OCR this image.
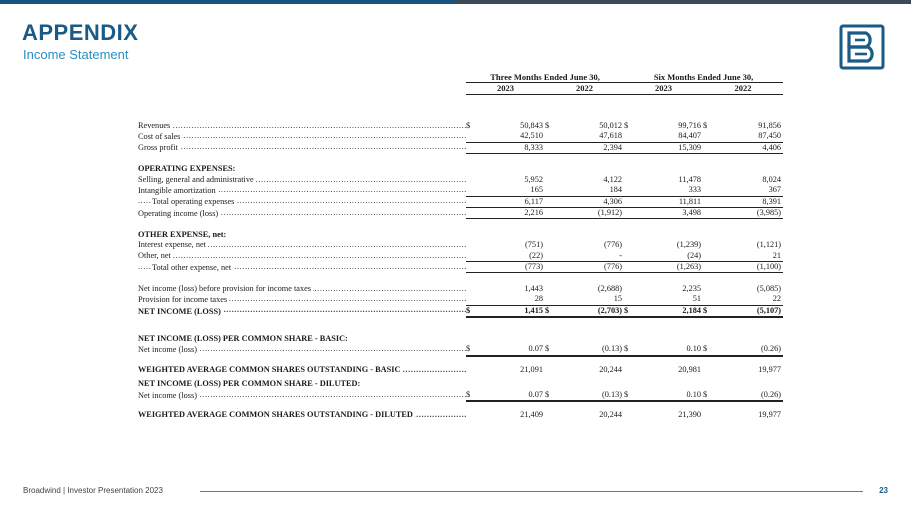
APPENDIX
Income Statement
	Three Months Ended June 30,				Six Months Ended June 30,			
	2023		2022		2023		2022	

Revenues .....	$	50,843	$	50,012	$	99,716	$	91,856
Cost of sales .....		42,510		47,618		84,407		87,450
Gross profit .....		8,333		2,394		15,309		4,406

OPERATING EXPENSES:								
Selling, general and administrative .....		5,952		4,122		11,478		8,024
Intangible amortization .....		165		184		333		367
Total operating expenses .....		6,117		4,306		11,811		8,391
Operating income (loss) .....		2,216		(1,912)		3,498		(3,985)

OTHER EXPENSE, net:								
Interest expense, net .....		(751)		(776)		(1,239)		(1,121)
Other, net .....		(22)		-		(24)		21
Total other expense, net .....		(773)		(776)		(1,263)		(1,100)

Net income (loss) before provision for income taxes .....		1,443		(2,688)		2,235		(5,085)
Provision for income taxes .....		28		15		51		22
NET INCOME (LOSS) .....	$	1,415	$	(2,703)	$	2,184	$	(5,107)

NET INCOME (LOSS) PER COMMON SHARE - BASIC:								
Net income (loss) .....	$	0.07	$	(0.13)	$	0.10	$	(0.26)

WEIGHTED AVERAGE COMMON SHARES OUTSTANDING - BASIC .....		21,091		20,244		20,981		19,977

NET INCOME (LOSS) PER COMMON SHARE - DILUTED:								
Net income (loss) .....	$	0.07	$	(0.13)	$	0.10	$	(0.26)

WEIGHTED AVERAGE COMMON SHARES OUTSTANDING - DILUTED .....		21,409		20,244		21,390		19,977
Broadwind | Investor Presentation 2023	23
